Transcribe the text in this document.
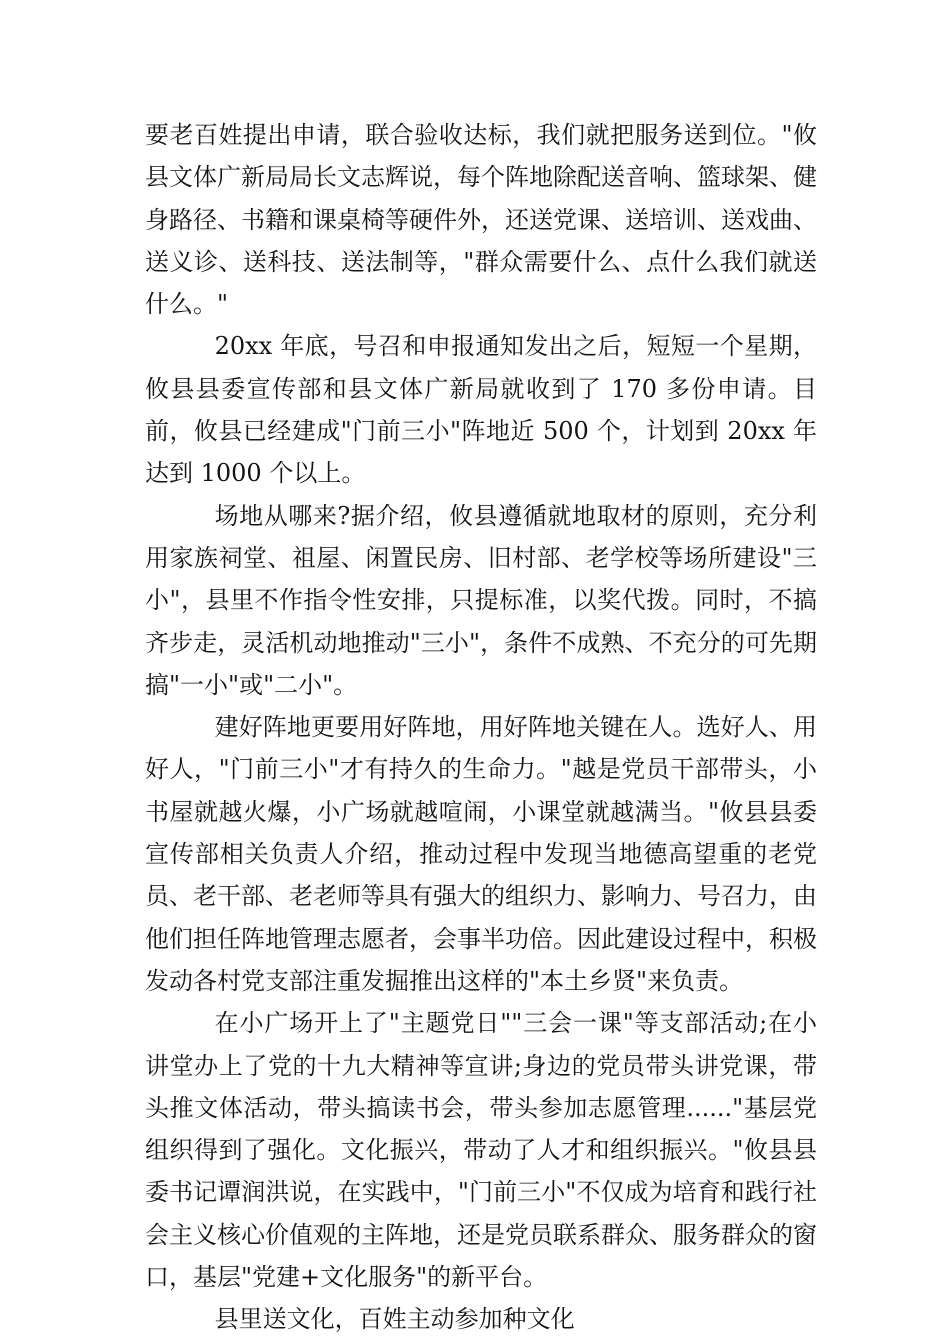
要老百姓提出申请，联合验收达标，我们就把服务送到位。"攸县文体广新局局长文志辉说，每个阵地除配送音响、篮球架、健身路径、书籍和课桌椅等硬件外，还送党课、送培训、送戏曲、送义诊、送科技、送法制等，"群众需要什么、点什么我们就送什么。"

20xx 年底，号召和申报通知发出之后，短短一个星期，攸县县委宣传部和县文体广新局就收到了 170 多份申请。目前，攸县已经建成"门前三小"阵地近 500 个，计划到 20xx 年达到 1000 个以上。

场地从哪来?据介绍，攸县遵循就地取材的原则，充分利用家族祠堂、祖屋、闲置民房、旧村部、老学校等场所建设"三小"，县里不作指令性安排，只提标准，以奖代拨。同时，不搞齐步走，灵活机动地推动"三小"，条件不成熟、不充分的可先期搞"一小"或"二小"。

建好阵地更要用好阵地，用好阵地关键在人。选好人、用好人，"门前三小"才有持久的生命力。"越是党员干部带头，小书屋就越火爆，小广场就越喧闹，小课堂就越满当。"攸县县委宣传部相关负责人介绍，推动过程中发现当地德高望重的老党员、老干部、老老师等具有强大的组织力、影响力、号召力，由他们担任阵地管理志愿者，会事半功倍。因此建设过程中，积极发动各村党支部注重发掘推出这样的"本土乡贤"来负责。

在小广场开上了"主题党日""三会一课"等支部活动;在小讲堂办上了党的十九大精神等宣讲;身边的党员带头讲党课，带头推文体活动，带头搞读书会，带头参加志愿管理......"基层党组织得到了强化。文化振兴，带动了人才和组织振兴。"攸县县委书记谭润洪说，在实践中，"门前三小"不仅成为培育和践行社会主义核心价值观的主阵地，还是党员联系群众、服务群众的窗口，基层"党建+文化服务"的新平台。

县里送文化，百姓主动参加种文化
